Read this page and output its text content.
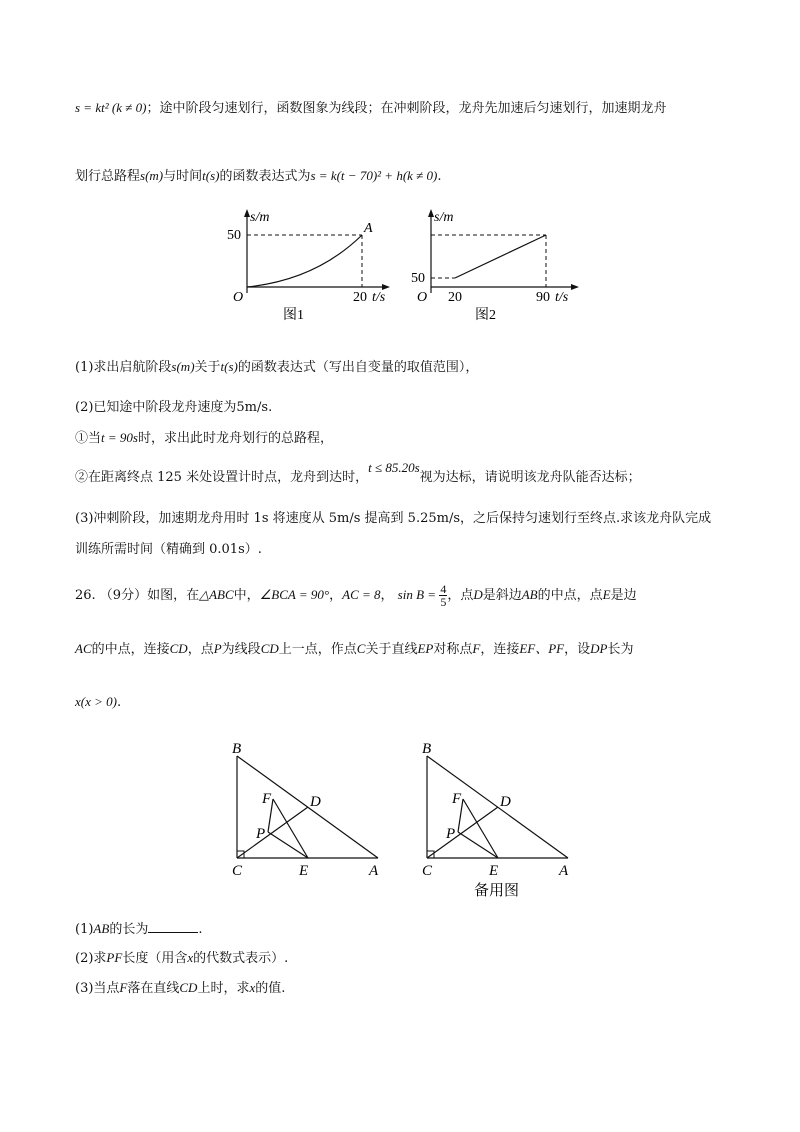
s = kt² (k ≠ 0)；途中阶段匀速划行，函数图象为线段；在冲刺阶段，龙舟先加速后匀速划行，加速期龙舟
划行总路程s(m)与时间t(s)的函数表达式为s = k(t − 70)² + h(k ≠ 0).
s/m
50	A
O	20 t/s
图1
s/m
50
O 20	90 t/s
图2
(1)求出启航阶段s(m)关于t(s)的函数表达式（写出自变量的取值范围），
(2)已知途中阶段龙舟速度为5m/s.
①当t = 90s时，求出此时龙舟划行的总路程，
②在距离终点 125 米处设置计时点，龙舟到达时，t ≤ 85.20s视为达标，请说明该龙舟队能否达标；
(3)冲刺阶段，加速期龙舟用时 1s 将速度从 5m/s 提高到 5.25m/s，之后保持匀速划行至终点.求该龙舟队完成
训练所需时间（精确到 0.01s）.
26. （9分）如图，在△ABC中，∠BCA = 90°，AC = 8， $\sin B = \frac{4}{5}$ ，点D是斜边AB的中点，点E是边
AC的中点，连接CD，点P为线段CD上一点，作点C关于直线EP对称点F，连接EF、PF，设DP长为
x(x > 0).
B
D
F
P
C	E	A
B
D
F
P
C	E	A
备用图
(1)AB的长为	.
(2)求PF长度（用含x的代数式表示）.
(3)当点F落在直线CD上时，求x的值.
